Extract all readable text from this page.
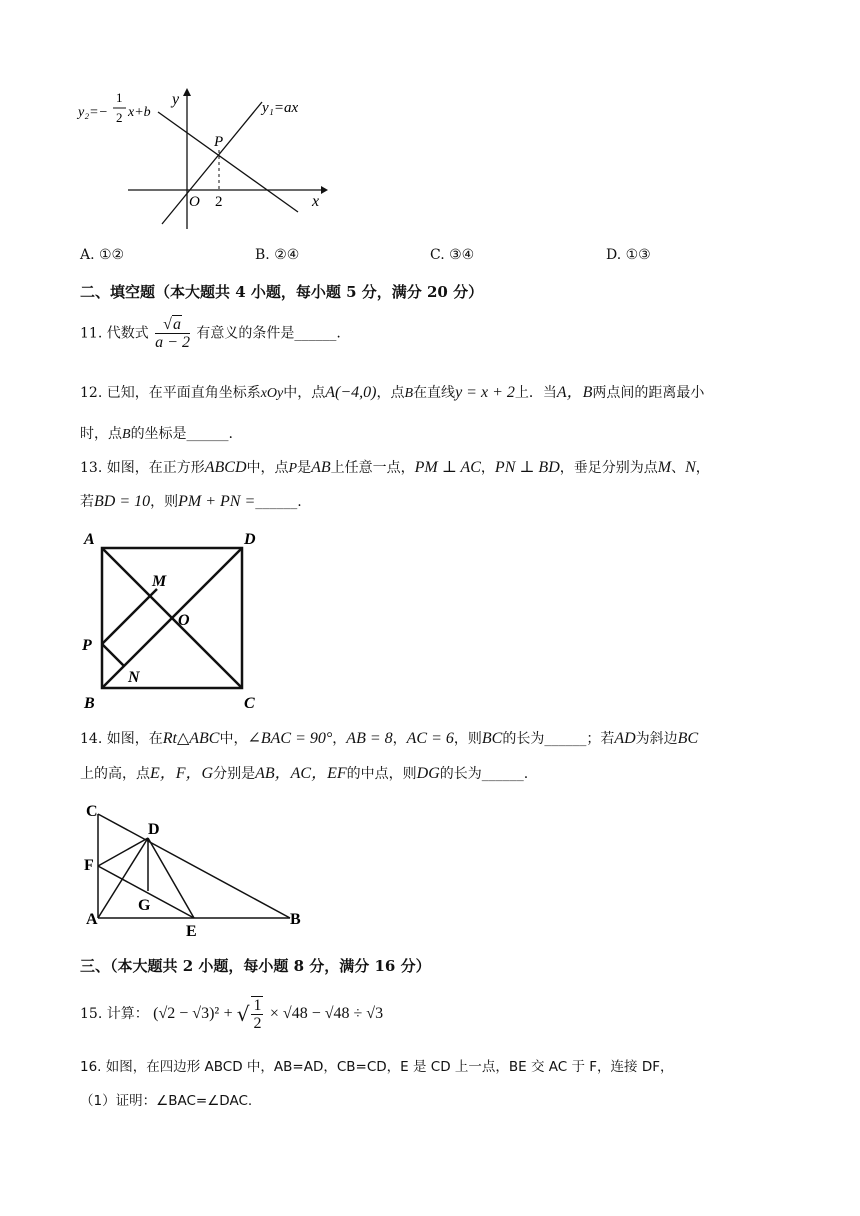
y
x
O 2
P
y₁=ax
y₂=−
1
2 x+b
A. ①②	B. ②④	C. ③④	D. ①③
二、填空题（本大题共 4 小题，每小题 5 分，满分 20 分）
11. 代数式 $\frac{√a}{a - 2}$ 有意义的条件是______.
12. 已知，在平面直角坐标系xOy中，点A(−4,0)，点B在直线y = x + 2上．当A，B两点间的距离最小
时，点B的坐标是______.
13. 如图，在正方形ABCD中，点P是AB上任意一点，PM ⊥ AC，PN ⊥ BD，垂足分别为点M、N，
若BD = 10，则PM + PN =______.
A	D
M
O
P
N
B	C
14. 如图，在Rt△ABC中，∠BAC = 90°，AB = 8，AC = 6，则BC的长为______；若AD为斜边BC
上的高，点E，F，G分别是AB，AC，EF的中点，则DG的长为______.
C
D
F
G
A
E
B
三、（本大题共 2 小题，每小题 8 分，满分 16 分）
15. 计算： (√2 − √3)² + √ $\frac{1}{2} \times √48 - √48 \div √3$
16. 如图，在四边形 ABCD 中，AB=AD，CB=CD，E 是 CD 上一点，BE 交 AC 于 F，连接 DF，
（1）证明：∠BAC=∠DAC.
